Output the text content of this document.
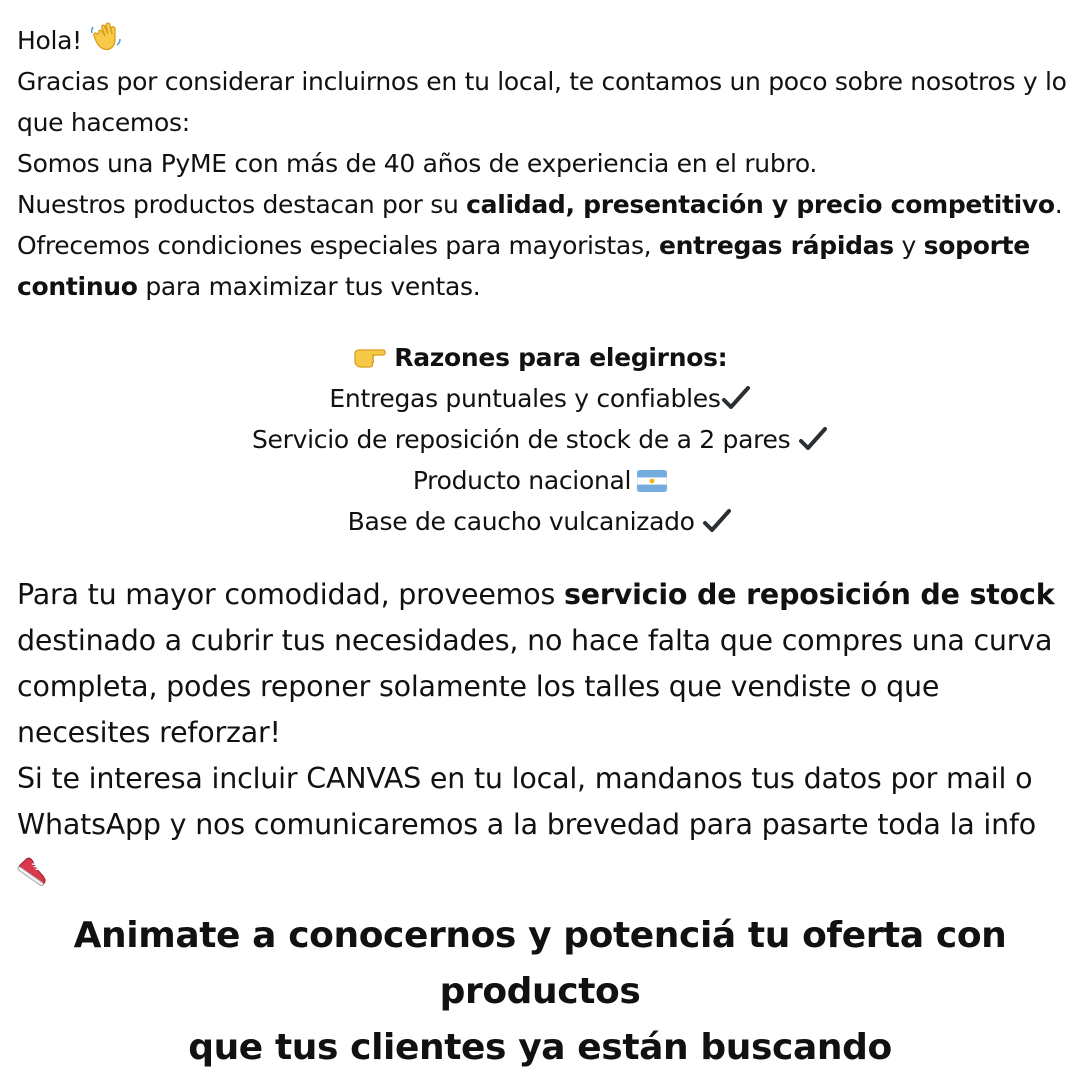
Hola!

Gracias por considerar incluirnos en tu local, te contamos un poco sobre nosotros y lo que hacemos:

Somos una PyME con más de 40 años de experiencia en el rubro.

Nuestros productos destacan por su calidad, presentación y precio competitivo. Ofrecemos condiciones especiales para mayoristas, entregas rápidas y soporte continuo para maximizar tus ventas.

Razones para elegirnos:

Entregas puntuales y confiables

Servicio de reposición de stock de a 2 pares

Producto nacional

Base de caucho vulcanizado

Para tu mayor comodidad, proveemos servicio de reposición de stock destinado a cubrir tus necesidades, no hace falta que compres una curva completa, podes reponer solamente los talles que vendiste o que necesites reforzar!

Si te interesa incluir CANVAS en tu local, mandanos tus datos por mail o WhatsApp y nos comunicaremos a la brevedad para pasarte toda la info

Animate a conocernos y potenciá tu oferta con productos
que tus clientes ya están buscando
